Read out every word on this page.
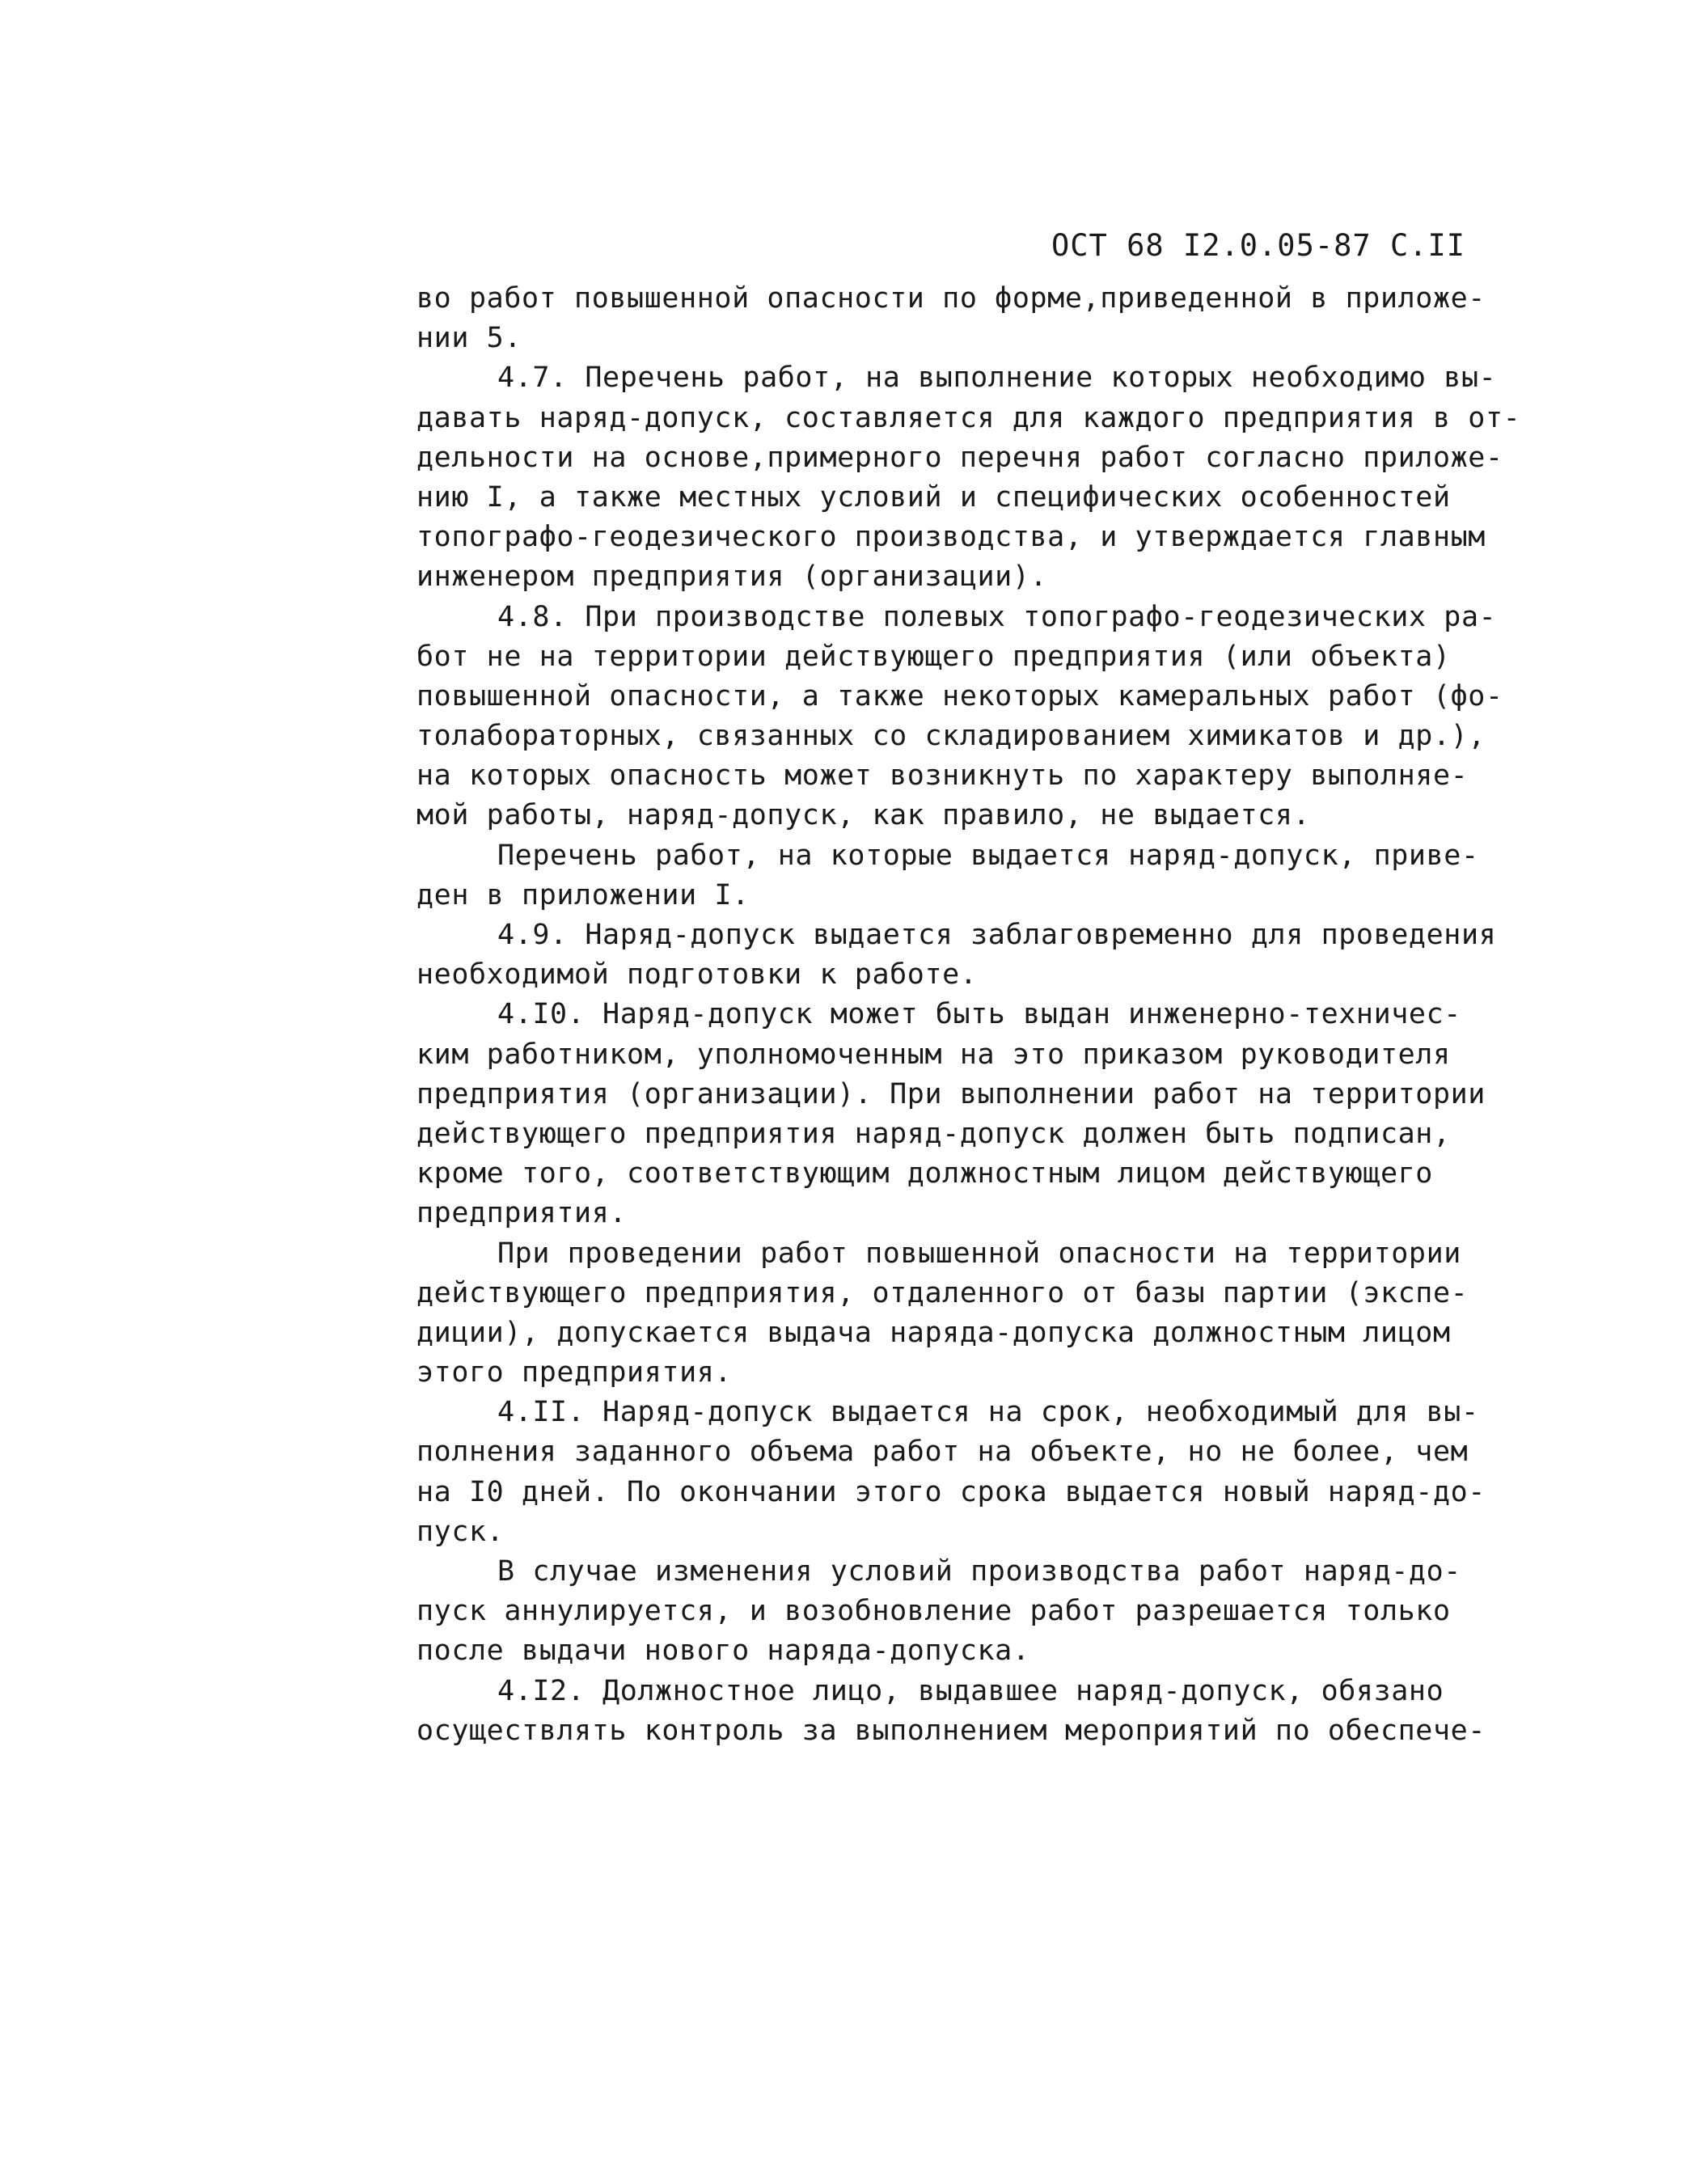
ОСТ 68 I2.0.05-87 С.II
во работ повышенной опасности по форме,приведенной в приложе-
нии 5.
4.7. Перечень работ, на выполнение которых необходимо вы-
давать наряд-допуск, составляется для каждого предприятия в от-
дельности на основе,примерного перечня работ согласно приложе-
нию I, а также местных условий и специфических особенностей
топографо-геодезического производства, и утверждается главным
инженером предприятия (организации).
4.8. При производстве полевых топографо-геодезических ра-
бот не на территории действующего предприятия (или объекта)
повышенной опасности, а также некоторых камеральных работ (фо-
толабораторных, связанных со складированием химикатов и др.),
на которых опасность может возникнуть по характеру выполняе-
мой работы, наряд-допуск, как правило, не выдается.
Перечень работ, на которые выдается наряд-допуск, приве-
ден в приложении I.
4.9. Наряд-допуск выдается заблаговременно для проведения
необходимой подготовки к работе.
4.I0. Наряд-допуск может быть выдан инженерно-техничес-
ким работником, уполномоченным на это приказом руководителя
предприятия (организации). При выполнении работ на территории
действующего предприятия наряд-допуск должен быть подписан,
кроме того, соответствующим должностным лицом действующего
предприятия.
При проведении работ повышенной опасности на территории
действующего предприятия, отдаленного от базы партии (экспе-
диции), допускается выдача наряда-допуска должностным лицом
этого предприятия.
4.II. Наряд-допуск выдается на срок, необходимый для вы-
полнения заданного объема работ на объекте, но не более, чем
на I0 дней. По окончании этого срока выдается новый наряд-до-
пуск.
В случае изменения условий производства работ наряд-до-
пуск аннулируется, и возобновление работ разрешается только
после выдачи нового наряда-допуска.
4.I2. Должностное лицо, выдавшее наряд-допуск, обязано
осуществлять контроль за выполнением мероприятий по обеспече-
